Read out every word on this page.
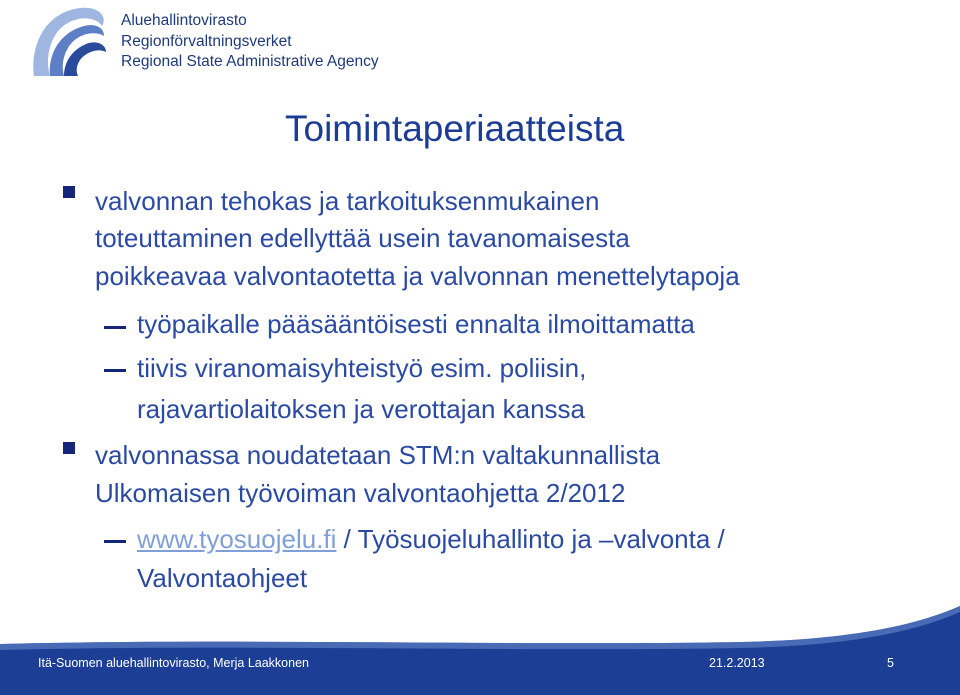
Aluehallintovirasto
Regionförvaltningsverket
Regional State Administrative Agency
Toimintaperiaatteista
valvonnan tehokas ja tarkoituksenmukainen
toteuttaminen edellyttää usein tavanomaisesta
poikkeavaa valvontaotetta ja valvonnan menettelytapoja
työpaikalle pääsääntöisesti ennalta ilmoittamatta
tiivis viranomaisyhteistyö esim. poliisin,
rajavartiolaitoksen ja verottajan kanssa
valvonnassa noudatetaan STM:n valtakunnallista
Ulkomaisen työvoiman valvontaohjetta 2/2012
www.tyosuojelu.fi / Työsuojeluhallinto ja –valvonta /
Valvontaohjeet
Itä-Suomen aluehallintovirasto, Merja Laakkonen	21.2.2013	5
